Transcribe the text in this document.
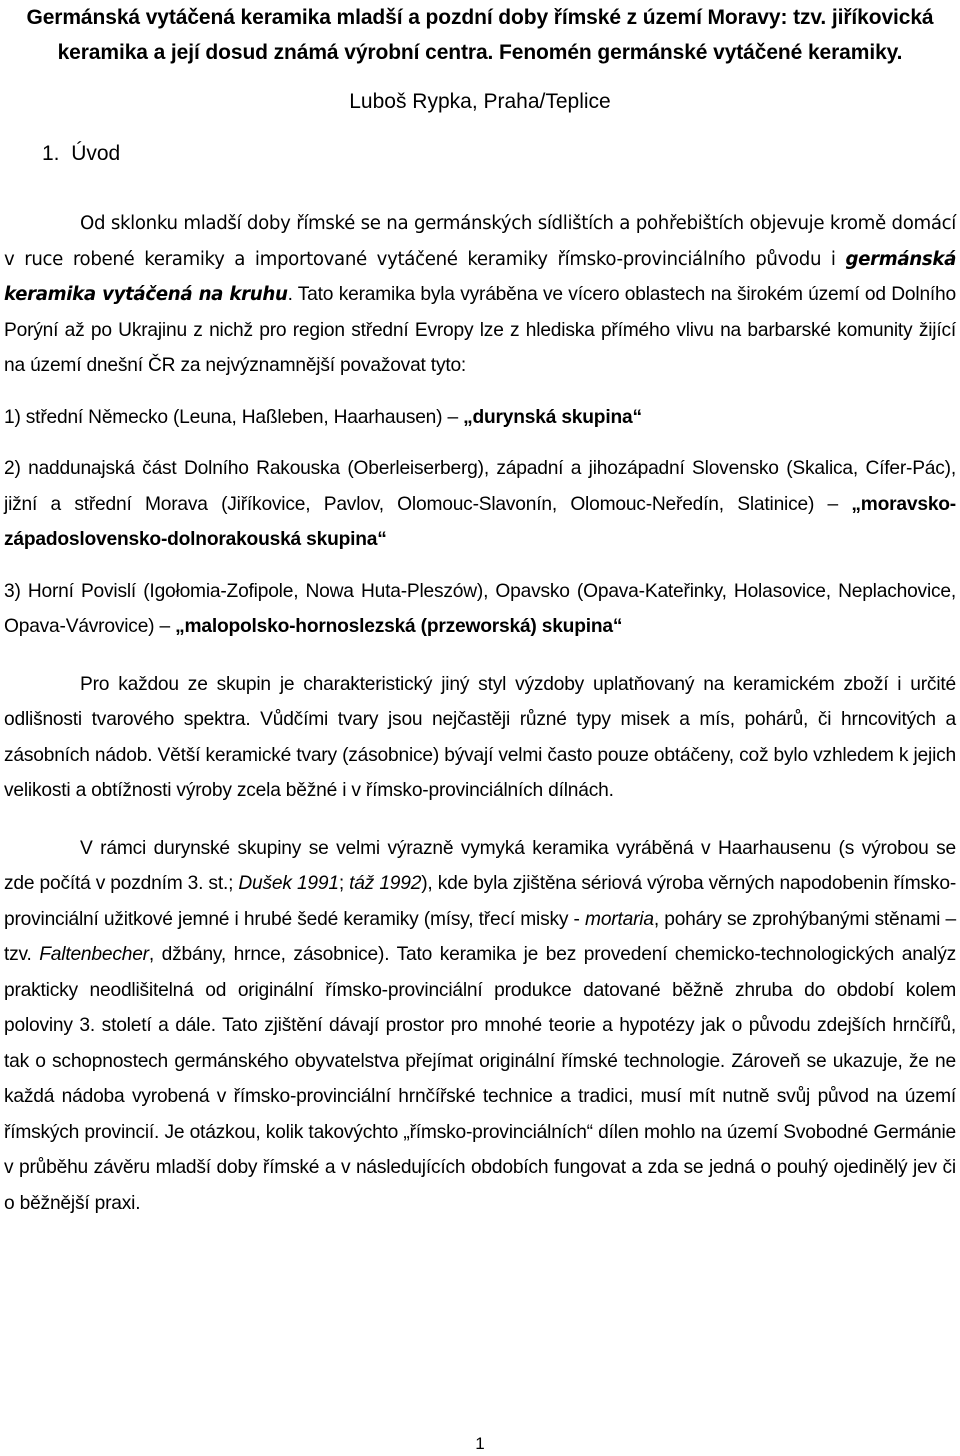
Germánská vytáčená keramika mladší a pozdní doby římské z území Moravy: tzv. jiříkovická keramika a její dosud známá výrobní centra. Fenomén germánské vytáčené keramiky.

Luboš Rypka, Praha/Teplice

1. Úvod

Od sklonku mladší doby římské se na germánských sídlištích a pohřebištích objevuje kromě domácí v ruce robené keramiky a importované vytáčené keramiky římsko-provinciálního původu i germánská keramika vytáčená na kruhu. Tato keramika byla vyráběna ve vícero oblastech na širokém území od Dolního Porýní až po Ukrajinu z nichž pro region střední Evropy lze z hlediska přímého vlivu na barbarské komunity žijící na území dnešní ČR za nejvýznamnější považovat tyto:

1) střední Německo (Leuna, Haßleben, Haarhausen) – „durynská skupina“

2) naddunajská část Dolního Rakouska (Oberleiserberg), západní a jihozápadní Slovensko (Skalica, Cífer-Pác), jižní a střední Morava (Jiříkovice, Pavlov, Olomouc-Slavonín, Olomouc-Neředín, Slatinice) – „moravsko-západoslovensko-dolnorakouská skupina“

3) Horní Povislí (Igołomia-Zofipole, Nowa Huta-Pleszów), Opavsko (Opava-Kateřinky, Holasovice, Neplachovice, Opava-Vávrovice) – „malopolsko-hornoslezská (przeworská) skupina“

Pro každou ze skupin je charakteristický jiný styl výzdoby uplatňovaný na keramickém zboží i určité odlišnosti tvarového spektra. Vůdčími tvary jsou nejčastěji různé typy misek a mís, pohárů, či hrncovitých a zásobních nádob. Větší keramické tvary (zásobnice) bývají velmi často pouze obtáčeny, což bylo vzhledem k jejich velikosti a obtížnosti výroby zcela běžné i v římsko-provinciálních dílnách.

V rámci durynské skupiny se velmi výrazně vymyká keramika vyráběná v Haarhausenu (s výrobou se zde počítá v pozdním 3. st.; Dušek 1991; táž 1992), kde byla zjištěna sériová výroba věrných napodobenin římsko-provinciální užitkové jemné i hrubé šedé keramiky (mísy, třecí misky - mortaria, poháry se zprohýbanými stěnami – tzv. Faltenbecher, džbány, hrnce, zásobnice). Tato keramika je bez provedení chemicko-technologických analýz prakticky neodlišitelná od originální římsko-provinciální produkce datované běžně zhruba do období kolem poloviny 3. století a dále. Tato zjištění dávají prostor pro mnohé teorie a hypotézy jak o původu zdejších hrnčířů, tak o schopnostech germánského obyvatelstva přejímat originální římské technologie. Zároveň se ukazuje, že ne každá nádoba vyrobená v římsko-provinciální hrnčířské technice a tradici, musí mít nutně svůj původ na území římských provincií. Je otázkou, kolik takovýchto „římsko-provinciálních“ dílen mohlo na území Svobodné Germánie v průběhu závěru mladší doby římské a v následujících obdobích fungovat a zda se jedná o pouhý ojedinělý jev či o běžnější praxi.

1
